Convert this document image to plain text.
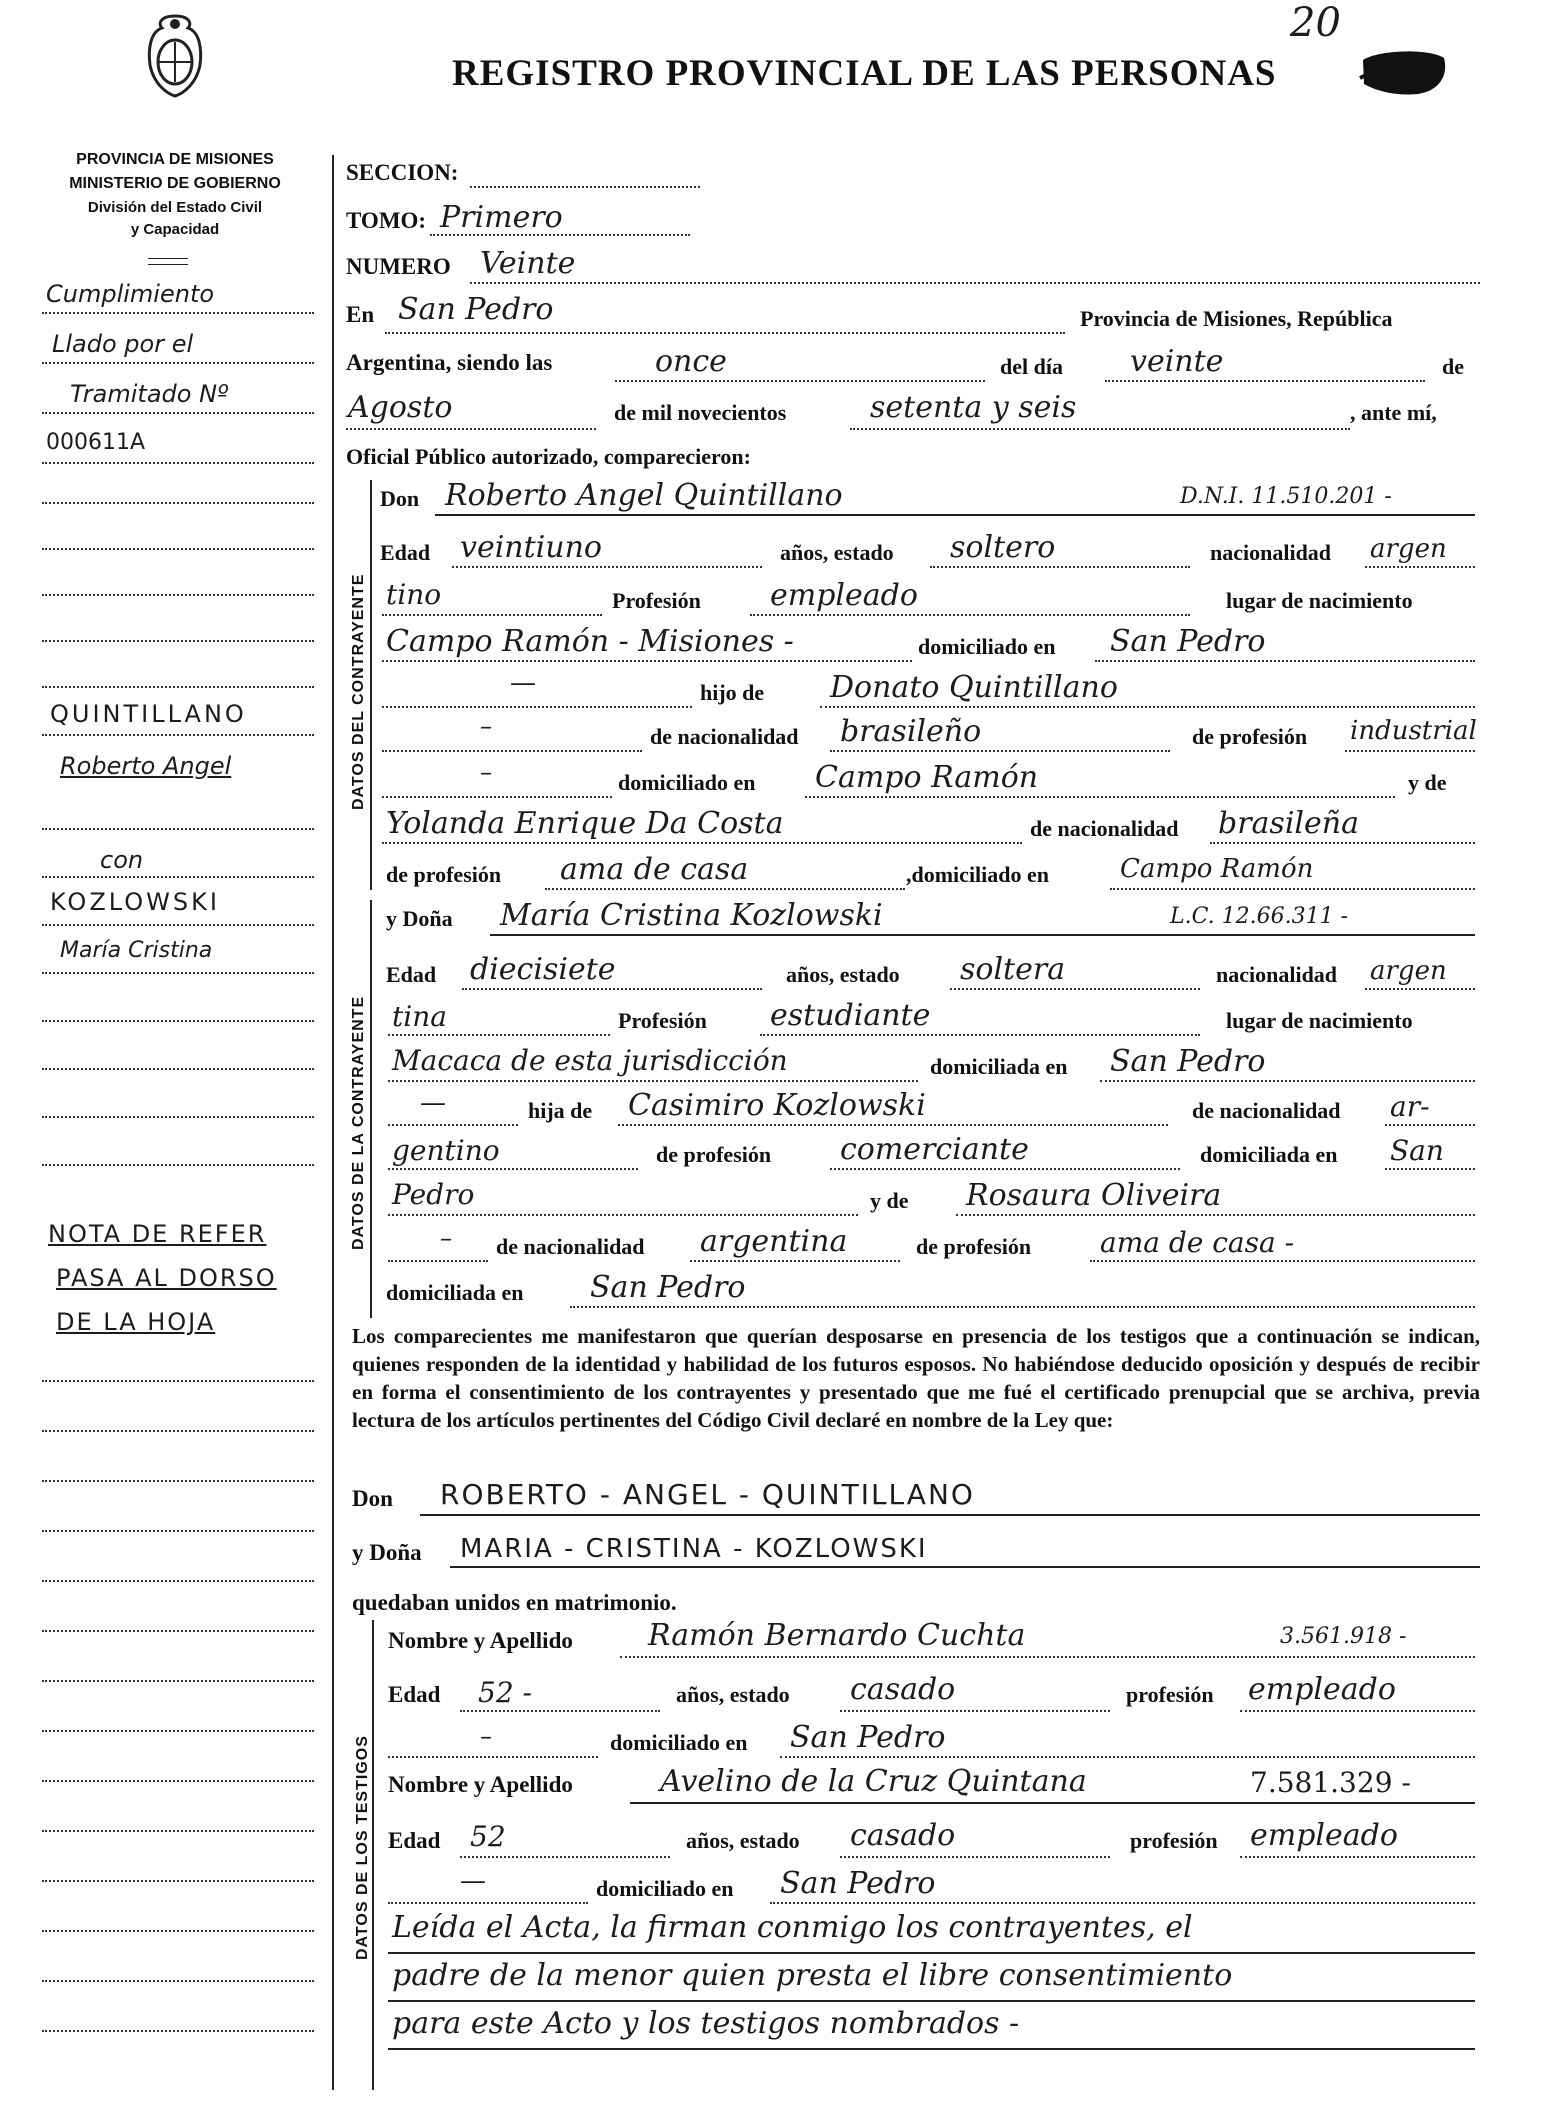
20
REGISTRO PROVINCIAL DE LAS PERSONAS
PROVINCIA DE MISIONES
MINISTERIO DE GOBIERNO
División del Estado Civil
y Capacidad
Cumplimiento
Llado por el
Tramitado Nº
000611A
QUINTILLANO
Roberto Angel
con
KOZLOWSKI
María Cristina
NOTA DE REFER
PASA AL DORSO
DE LA HOJA
SECCION:
TOMO: Primero
NUMERO Veinte
En San Pedro	Provincia de Misiones, República
Argentina, siendo las	once	del día veinte	de
Agosto	de mil novecientos	setenta y seis	, ante mí,
Oficial Público autorizado, comparecieron:
DATOS DEL CONTRAYENTE
Don Roberto Angel Quintillano	D.N.I. 11.510.201 -
Edad veintiuno	años, estado soltero	nacionalidad argen
tino	Profesión empleado	lugar de nacimiento
Campo Ramón - Misiones -	domiciliado en San Pedro
—	hijo de Donato Quintillano
–	de nacionalidad brasileño	de profesión industrial
–	domiciliado en Campo Ramón	y de
Yolanda Enrique Da Costa	de nacionalidad brasileña
de profesión ama de casa	,domiciliado en	Campo Ramón
DATOS DE LA CONTRAYENTE
y Doña María Cristina Kozlowski	L.C. 12.66.311 -
Edad diecisiete	años, estado soltera	nacionalidad argen
tina	Profesión estudiante	lugar de nacimiento
Macaca de esta jurisdicción	domiciliada en San Pedro
—	hija de Casimiro Kozlowski	de nacionalidad ar-
gentino	de profesión comerciante	domiciliada en San
Pedro	y de Rosaura Oliveira
– de nacionalidad argentina	de profesión ama de casa -
domiciliada en San Pedro
Los comparecientes me manifestaron que querían desposarse en presencia de los testigos que a continuación se indican, quienes responden de la identidad y habilidad de los futuros esposos. No habiéndose deducido oposición y después de recibir en forma el consentimiento de los contrayentes y presentado que me fué el certificado prenupcial que se archiva, previa lectura de los artículos pertinentes del Código Civil declaré en nombre de la Ley que:
Don ROBERTO - ANGEL - QUINTILLANO
y Doña MARIA - CRISTINA - KOZLOWSKI
quedaban unidos en matrimonio.
DATOS DE LOS TESTIGOS
Nombre y Apellido	Ramón Bernardo Cuchta	3.561.918 -
Edad 52 -	años, estado casado	profesión empleado
–	domiciliado en San Pedro
Nombre y Apellido	Avelino de la Cruz Quintana	7.581.329 -
Edad 52	años, estado casado	profesión empleado
—	domiciliado en San Pedro
Leída el Acta, la firman conmigo los contrayentes, el
padre de la menor quien presta el libre consentimiento
para este Acto y los testigos nombrados -
